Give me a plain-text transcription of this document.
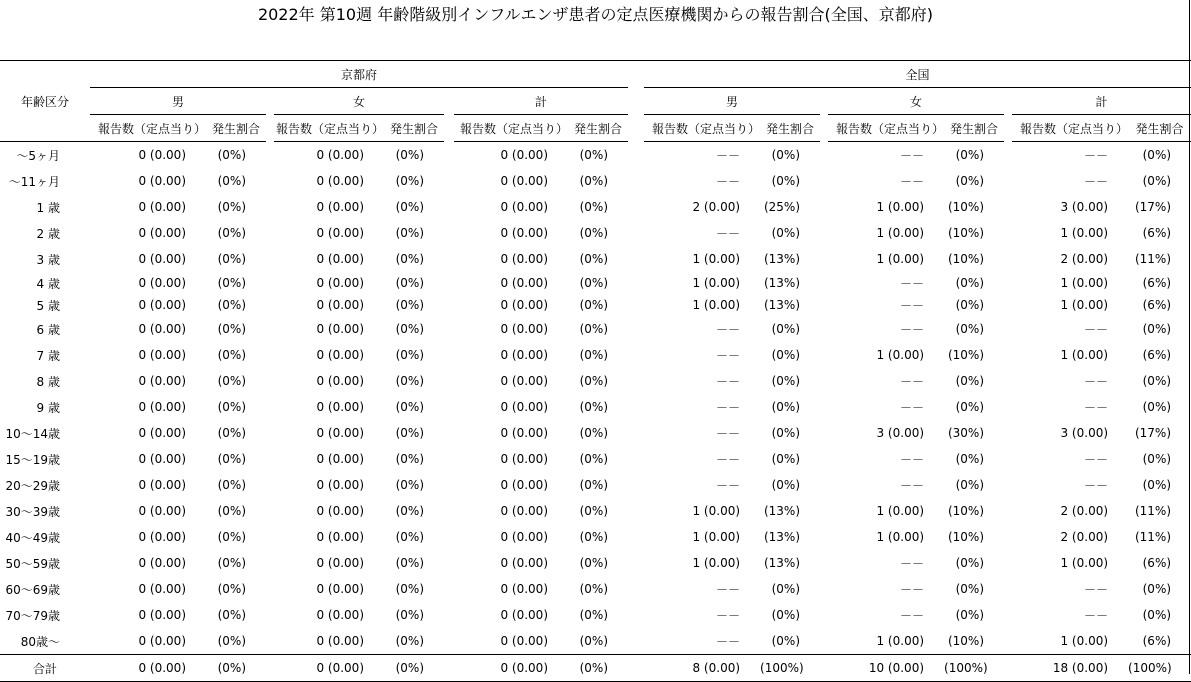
2022年 第10週 年齢階級別インフルエンザ患者の定点医療機関からの報告割合(全国、京都府)
	京都府									全国							
年齢区分	男			女			計			男			女			計	
	報告数（定点当り）	発生割合		報告数（定点当り）	発生割合		報告数（定点当り）	発生割合		報告数（定点当り）	発生割合		報告数（定点当り）	発生割合		報告数（定点当り）	発生割合
～5ヶ月	0 (0.00)	(0%)		0 (0.00)	(0%)		0 (0.00)	(0%)		－－	(0%)		－－	(0%)		－－	(0%)
～11ヶ月	0 (0.00)	(0%)		0 (0.00)	(0%)		0 (0.00)	(0%)		－－	(0%)		－－	(0%)		－－	(0%)
1 歳	0 (0.00)	(0%)		0 (0.00)	(0%)		0 (0.00)	(0%)		2 (0.00)	(25%)		1 (0.00)	(10%)		3 (0.00)	(17%)
2 歳	0 (0.00)	(0%)		0 (0.00)	(0%)		0 (0.00)	(0%)		－－	(0%)		1 (0.00)	(10%)		1 (0.00)	(6%)
3 歳	0 (0.00)	(0%)		0 (0.00)	(0%)		0 (0.00)	(0%)		1 (0.00)	(13%)		1 (0.00)	(10%)		2 (0.00)	(11%)
4 歳	0 (0.00)	(0%)		0 (0.00)	(0%)		0 (0.00)	(0%)		1 (0.00)	(13%)		－－	(0%)		1 (0.00)	(6%)
5 歳	0 (0.00)	(0%)		0 (0.00)	(0%)		0 (0.00)	(0%)		1 (0.00)	(13%)		－－	(0%)		1 (0.00)	(6%)
6 歳	0 (0.00)	(0%)		0 (0.00)	(0%)		0 (0.00)	(0%)		－－	(0%)		－－	(0%)		－－	(0%)
7 歳	0 (0.00)	(0%)		0 (0.00)	(0%)		0 (0.00)	(0%)		－－	(0%)		1 (0.00)	(10%)		1 (0.00)	(6%)
8 歳	0 (0.00)	(0%)		0 (0.00)	(0%)		0 (0.00)	(0%)		－－	(0%)		－－	(0%)		－－	(0%)
9 歳	0 (0.00)	(0%)		0 (0.00)	(0%)		0 (0.00)	(0%)		－－	(0%)		－－	(0%)		－－	(0%)
10～14歳	0 (0.00)	(0%)		0 (0.00)	(0%)		0 (0.00)	(0%)		－－	(0%)		3 (0.00)	(30%)		3 (0.00)	(17%)
15～19歳	0 (0.00)	(0%)		0 (0.00)	(0%)		0 (0.00)	(0%)		－－	(0%)		－－	(0%)		－－	(0%)
20～29歳	0 (0.00)	(0%)		0 (0.00)	(0%)		0 (0.00)	(0%)		－－	(0%)		－－	(0%)		－－	(0%)
30～39歳	0 (0.00)	(0%)		0 (0.00)	(0%)		0 (0.00)	(0%)		1 (0.00)	(13%)		1 (0.00)	(10%)		2 (0.00)	(11%)
40～49歳	0 (0.00)	(0%)		0 (0.00)	(0%)		0 (0.00)	(0%)		1 (0.00)	(13%)		1 (0.00)	(10%)		2 (0.00)	(11%)
50～59歳	0 (0.00)	(0%)		0 (0.00)	(0%)		0 (0.00)	(0%)		1 (0.00)	(13%)		－－	(0%)		1 (0.00)	(6%)
60～69歳	0 (0.00)	(0%)		0 (0.00)	(0%)		0 (0.00)	(0%)		－－	(0%)		－－	(0%)		－－	(0%)
70～79歳	0 (0.00)	(0%)		0 (0.00)	(0%)		0 (0.00)	(0%)		－－	(0%)		－－	(0%)		－－	(0%)
80歳～	0 (0.00)	(0%)		0 (0.00)	(0%)		0 (0.00)	(0%)		－－	(0%)		1 (0.00)	(10%)		1 (0.00)	(6%)
合計	0 (0.00)	(0%)		0 (0.00)	(0%)		0 (0.00)	(0%)		8 (0.00)	(100%)		10 (0.00)	(100%)		18 (0.00)	(100%)
